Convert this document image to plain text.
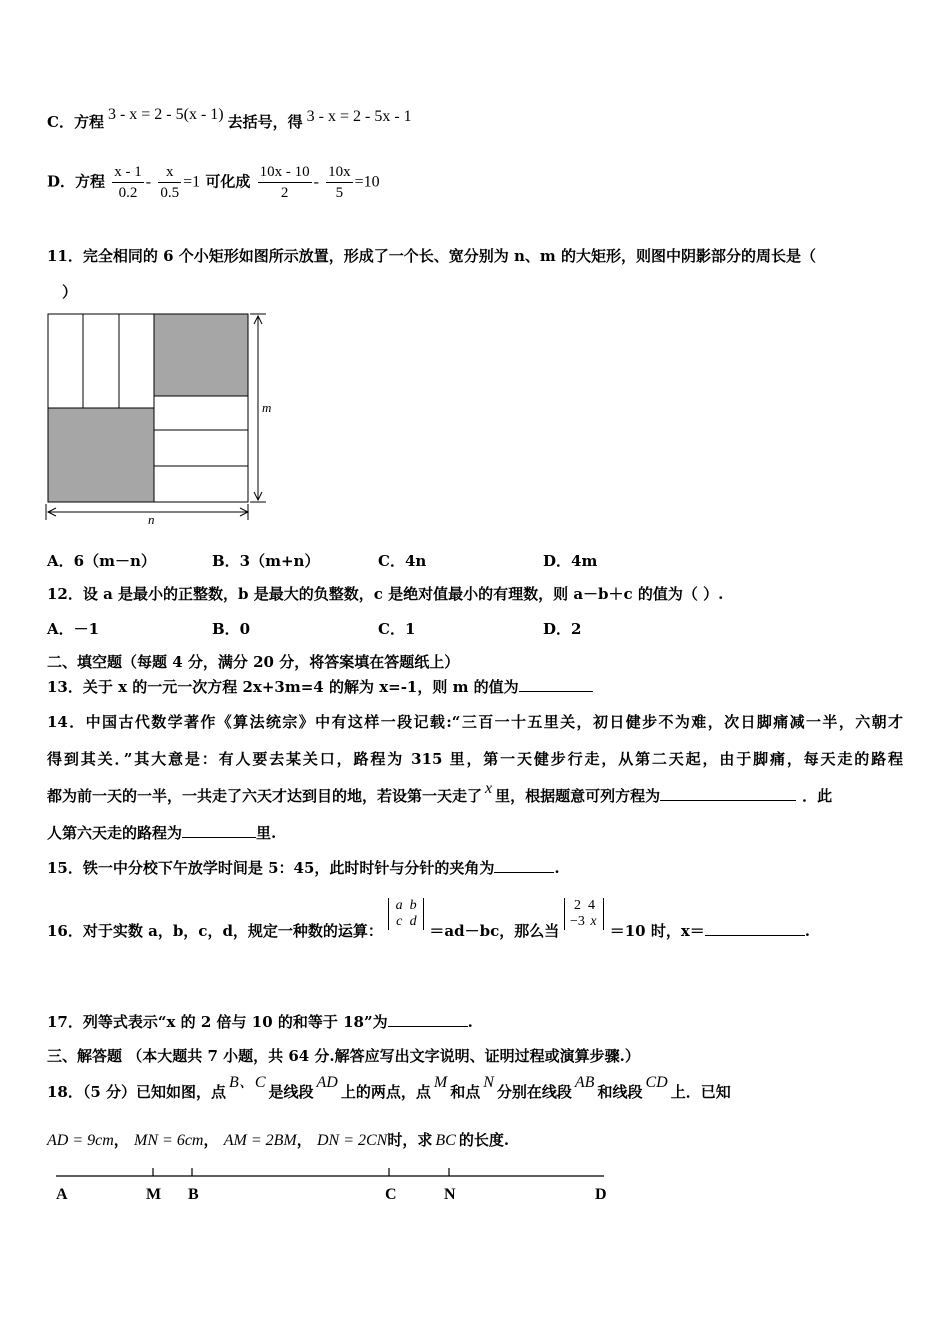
C．方程 3 - x = 2 - 5(x - 1) 去括号，得 3 - x = 2 - 5x - 1
D．方程 $\frac{x - 1}{0.2} - \frac{x}{0.5} =1$ 可化成 $\frac{10x - 10}{2} - \frac{10x}{5} =10$
11．完全相同的 6 个小矩形如图所示放置，形成了一个长、宽分别为 n、m 的大矩形，则图中阴影部分的周长是（
）
m
n
A．6（m－n）	B．3（m+n）	C．4n	D．4m
12．设 a 是最小的正整数，b 是最大的负整数，c 是绝对值最小的有理数，则 a－b＋c 的值为（ ）.
A．－1	B．0	C．1	D．2
二、填空题（每题 4 分，满分 20 分，将答案填在答题纸上）
13．关于 x 的一元一次方程 2x+3m=4 的解为 x=-1，则 m 的值为
14．中国古代数学著作《算法统宗》中有这样一段记载:“三百一十五里关，初日健步不为难，次日脚痛减一半，六朝才
得到其关．”其大意是：有人要去某关口，路程为 315 里，第一天健步行走，从第二天起，由于脚痛，每天走的路程
都为前一天的一半，一共走了六天才达到目的地，若设第一天走了 x 里，根据题意可列方程为	．此
人第六天走的路程为	里.
15．铁一中分校下午放学时间是 5：45，此时时针与分针的夹角为	.
16．对于实数 a，b，c，d，规定一种数的运算： a b
c d ＝ad－bc，那么当 2 4
−3 x ＝10 时，x＝	.
17．列等式表示“x 的 2 倍与 10 的和等于 18”为	.
三、解答题 （本大题共 7 小题，共 64 分.解答应写出文字说明、证明过程或演算步骤.）
18．（5 分）已知如图，点B、C是线段AD上的两点，点M和点N分别在线段AB和线段CD上．已知
AD = 9cm， MN = 6cm， AM = 2BM， DN = 2CN时，求 BC 的长度.
A	M B	C	N	D
